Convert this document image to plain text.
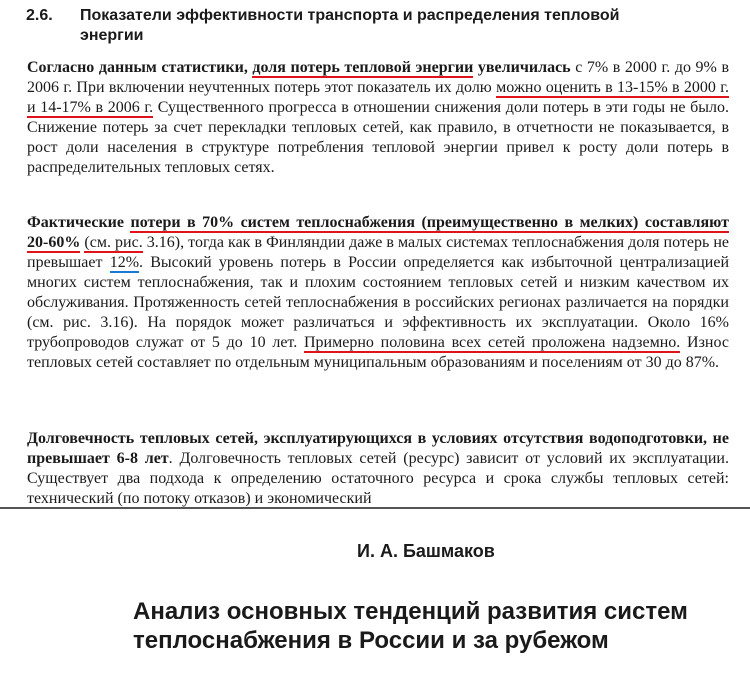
2.6. Показатели эффективности транспорта и распределения тепловой
энергии

Согласно данным статистики, доля потерь тепловой энергии увеличилась с 7% в 2000 г. до 9% в 2006 г. При включении неучтенных потерь этот показатель их долю можно оценить в 13-15% в 2000 г. и 14-17% в 2006 г. Существенного прогресса в отношении снижения доли потерь в эти годы не было. Снижение потерь за счет перекладки тепловых сетей, как правило, в отчетности не показывается, в рост доли населения в структуре потребления тепловой энергии привел к росту доли потерь в распределительных тепловых сетях.

Фактические потери в 70% систем теплоснабжения (преимущественно в мелких) составляют 20-60% (см. рис. 3.16), тогда как в Финляндии даже в малых системах теплоснабжения доля потерь не превышает 12%. Высокий уровень потерь в России определяется как избыточной централизацией многих систем теплоснабжения, так и плохим состоянием тепловых сетей и низким качеством их обслуживания. Протяженность сетей теплоснабжения в российских регионах различается на порядки (см. рис. 3.16). На порядок может различаться и эффективность их эксплуатации. Около 16% трубопроводов служат от 5 до 10 лет. Примерно половина всех сетей проложена надземно. Износ тепловых сетей составляет по отдельным муниципальным образованиям и поселениям от 30 до 87%.

Долговечность тепловых сетей, эксплуатирующихся в условиях отсутствия водоподготовки, не превышает 6-8 лет. Долговечность тепловых сетей (ресурс) зависит от условий их эксплуатации. Существует два подхода к определению остаточного ресурса и срока службы тепловых сетей: технический (по потоку отказов) и экономический

И. А. Башмаков
Анализ основных тенденций развития систем
теплоснабжения в России и за рубежом
